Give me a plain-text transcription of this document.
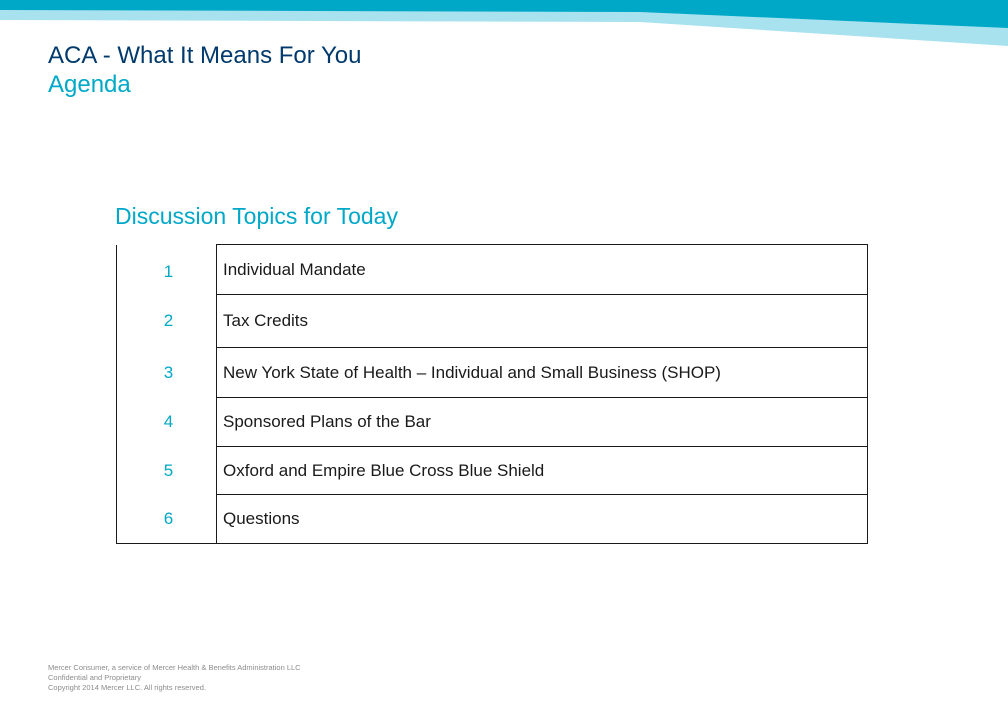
ACA - What It Means For You
Agenda
Discussion Topics for Today
1	Individual Mandate
2	Tax Credits
3	New York State of Health – Individual and Small Business (SHOP)
4	Sponsored Plans of the Bar
5	Oxford and Empire Blue Cross Blue Shield
6	Questions
Mercer Consumer, a service of Mercer Health & Benefits Administration LLC
Confidential and Proprietary
Copyright 2014 Mercer LLC. All rights reserved.
